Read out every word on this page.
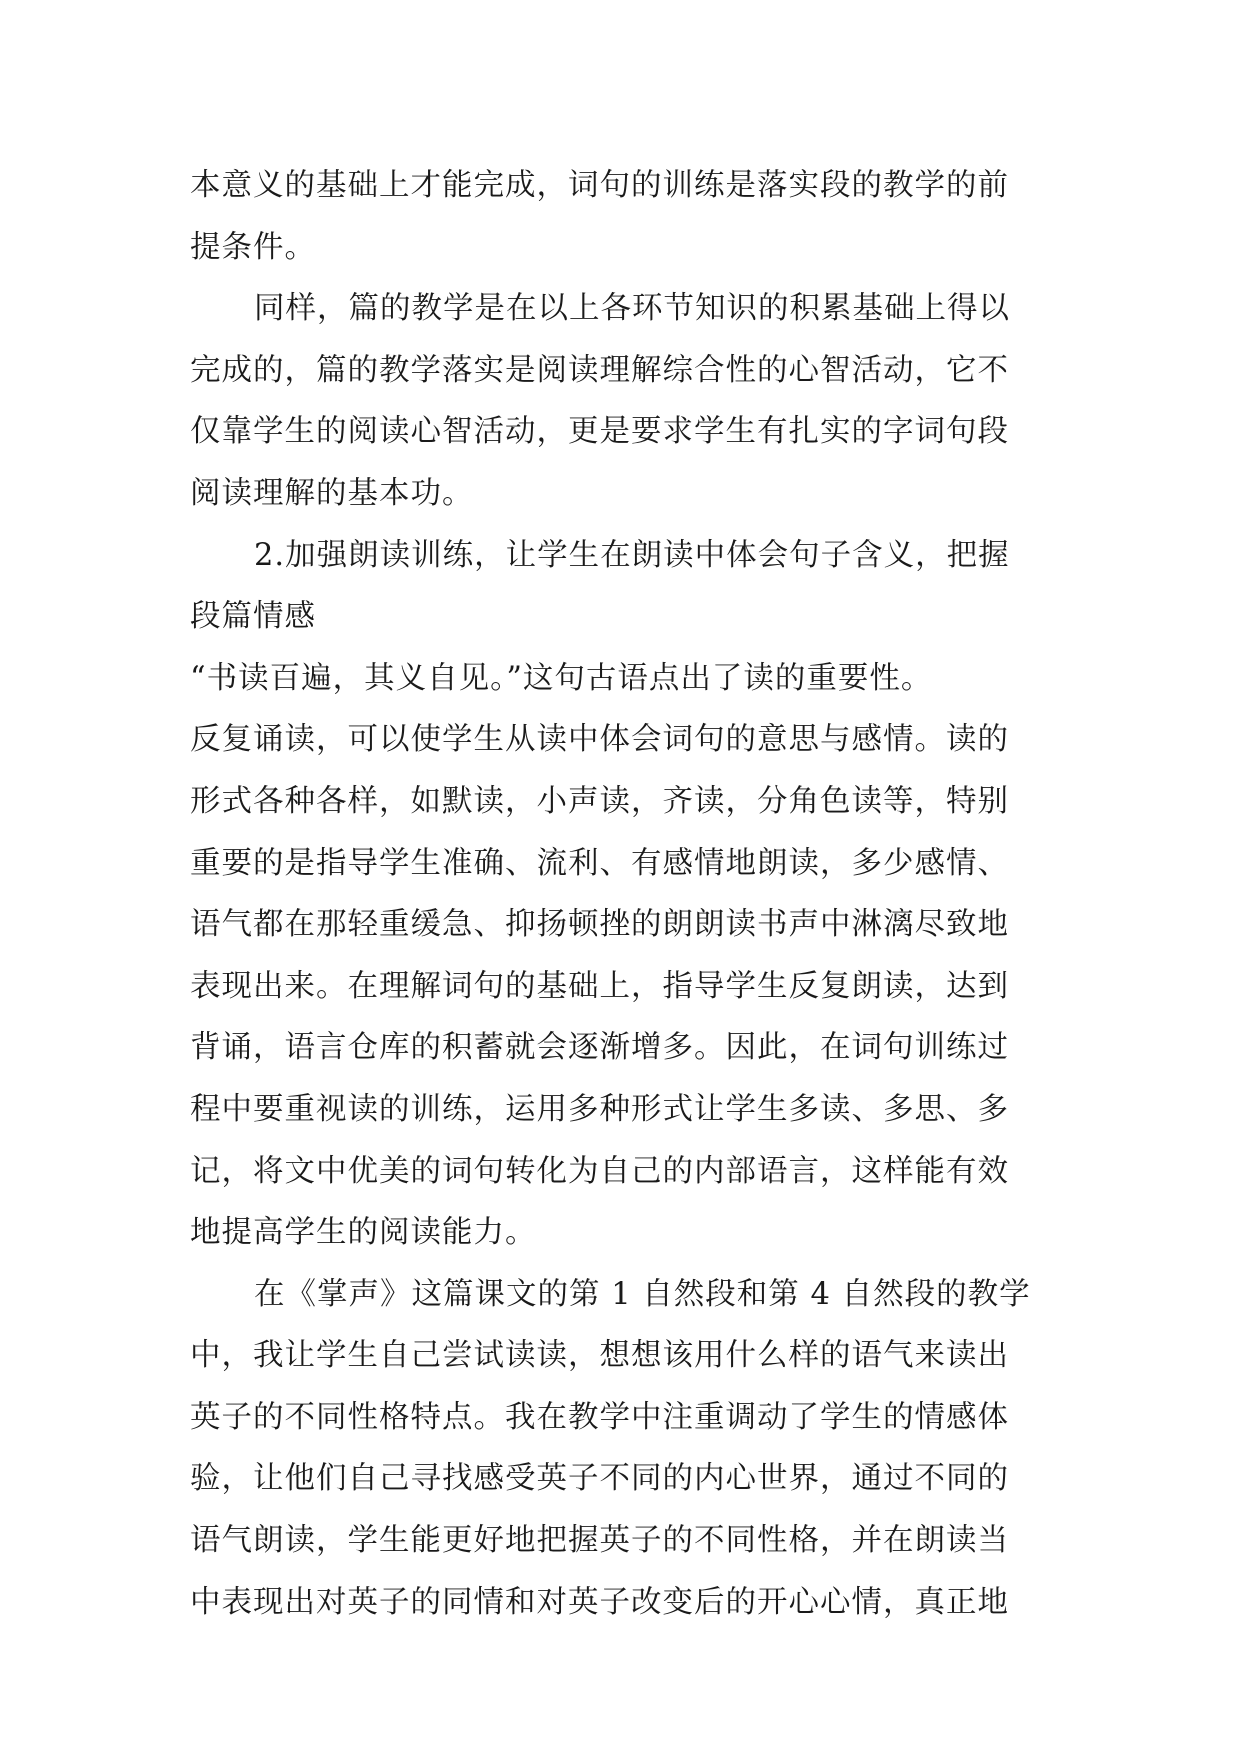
本意义的基础上才能完成，词句的训练是落实段的教学的前
提条件。
同样，篇的教学是在以上各环节知识的积累基础上得以
完成的，篇的教学落实是阅读理解综合性的心智活动，它不
仅靠学生的阅读心智活动，更是要求学生有扎实的字词句段
阅读理解的基本功。
2.加强朗读训练，让学生在朗读中体会句子含义，把握
段篇情感
“书读百遍，其义自见。”这句古语点出了读的重要性。
反复诵读，可以使学生从读中体会词句的意思与感情。读的
形式各种各样，如默读，小声读，齐读，分角色读等，特别
重要的是指导学生准确、流利、有感情地朗读，多少感情、
语气都在那轻重缓急、抑扬顿挫的朗朗读书声中淋漓尽致地
表现出来。在理解词句的基础上，指导学生反复朗读，达到
背诵，语言仓库的积蓄就会逐渐增多。因此，在词句训练过
程中要重视读的训练，运用多种形式让学生多读、多思、多
记，将文中优美的词句转化为自己的内部语言，这样能有效
地提高学生的阅读能力。
在《掌声》这篇课文的第 1 自然段和第 4 自然段的教学
中，我让学生自己尝试读读，想想该用什么样的语气来读出
英子的不同性格特点。我在教学中注重调动了学生的情感体
验，让他们自己寻找感受英子不同的内心世界，通过不同的
语气朗读，学生能更好地把握英子的不同性格，并在朗读当
中表现出对英子的同情和对英子改变后的开心心情，真正地
